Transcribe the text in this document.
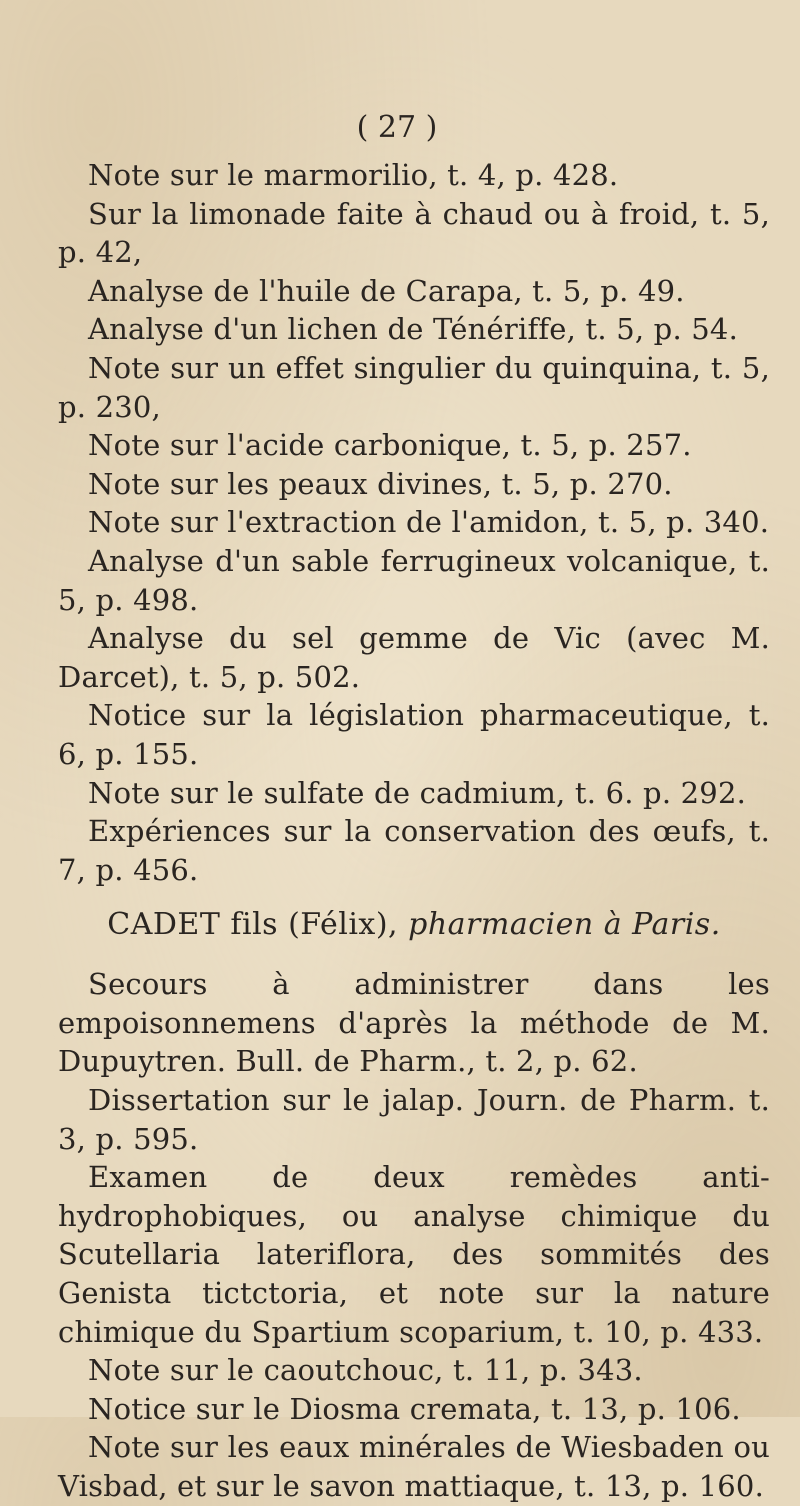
( 27 )

Note sur le marmorilio, t. 4, p. 428.

Sur la limonade faite à chaud ou à froid, t. 5, p. 42,

Analyse de l'huile de Carapa, t. 5, p. 49.

Analyse d'un lichen de Ténériffe, t. 5, p. 54.

Note sur un effet singulier du quinquina, t. 5, p. 230,

Note sur l'acide carbonique, t. 5, p. 257.

Note sur les peaux divines, t. 5, p. 270.

Note sur l'extraction de l'amidon, t. 5, p. 340.

Analyse d'un sable ferrugineux volcanique, t. 5, p. 498.

Analyse du sel gemme de Vic (avec M. Darcet), t. 5, p. 502.

Notice sur la législation pharmaceutique, t. 6, p. 155.

Note sur le sulfate de cadmium, t. 6. p. 292.

Expériences sur la conservation des œufs, t. 7, p. 456.

CADET fils (Félix), pharmacien à Paris.

Secours à administrer dans les empoisonnemens d'après la méthode de M. Dupuytren. Bull. de Pharm., t. 2, p. 62.

Dissertation sur le jalap. Journ. de Pharm. t. 3, p. 595.

Examen de deux remèdes anti-hydrophobiques, ou analyse chimique du Scutellaria lateriflora, des sommités des Genista tictctoria, et note sur la nature chimique du Spartium scoparium, t. 10, p. 433.

Note sur le caoutchouc, t. 11, p. 343.

Notice sur le Diosma cremata, t. 13, p. 106.

Note sur les eaux minérales de Wiesbaden ou Visbad, et sur le savon mattiaque, t. 13, p. 160.
